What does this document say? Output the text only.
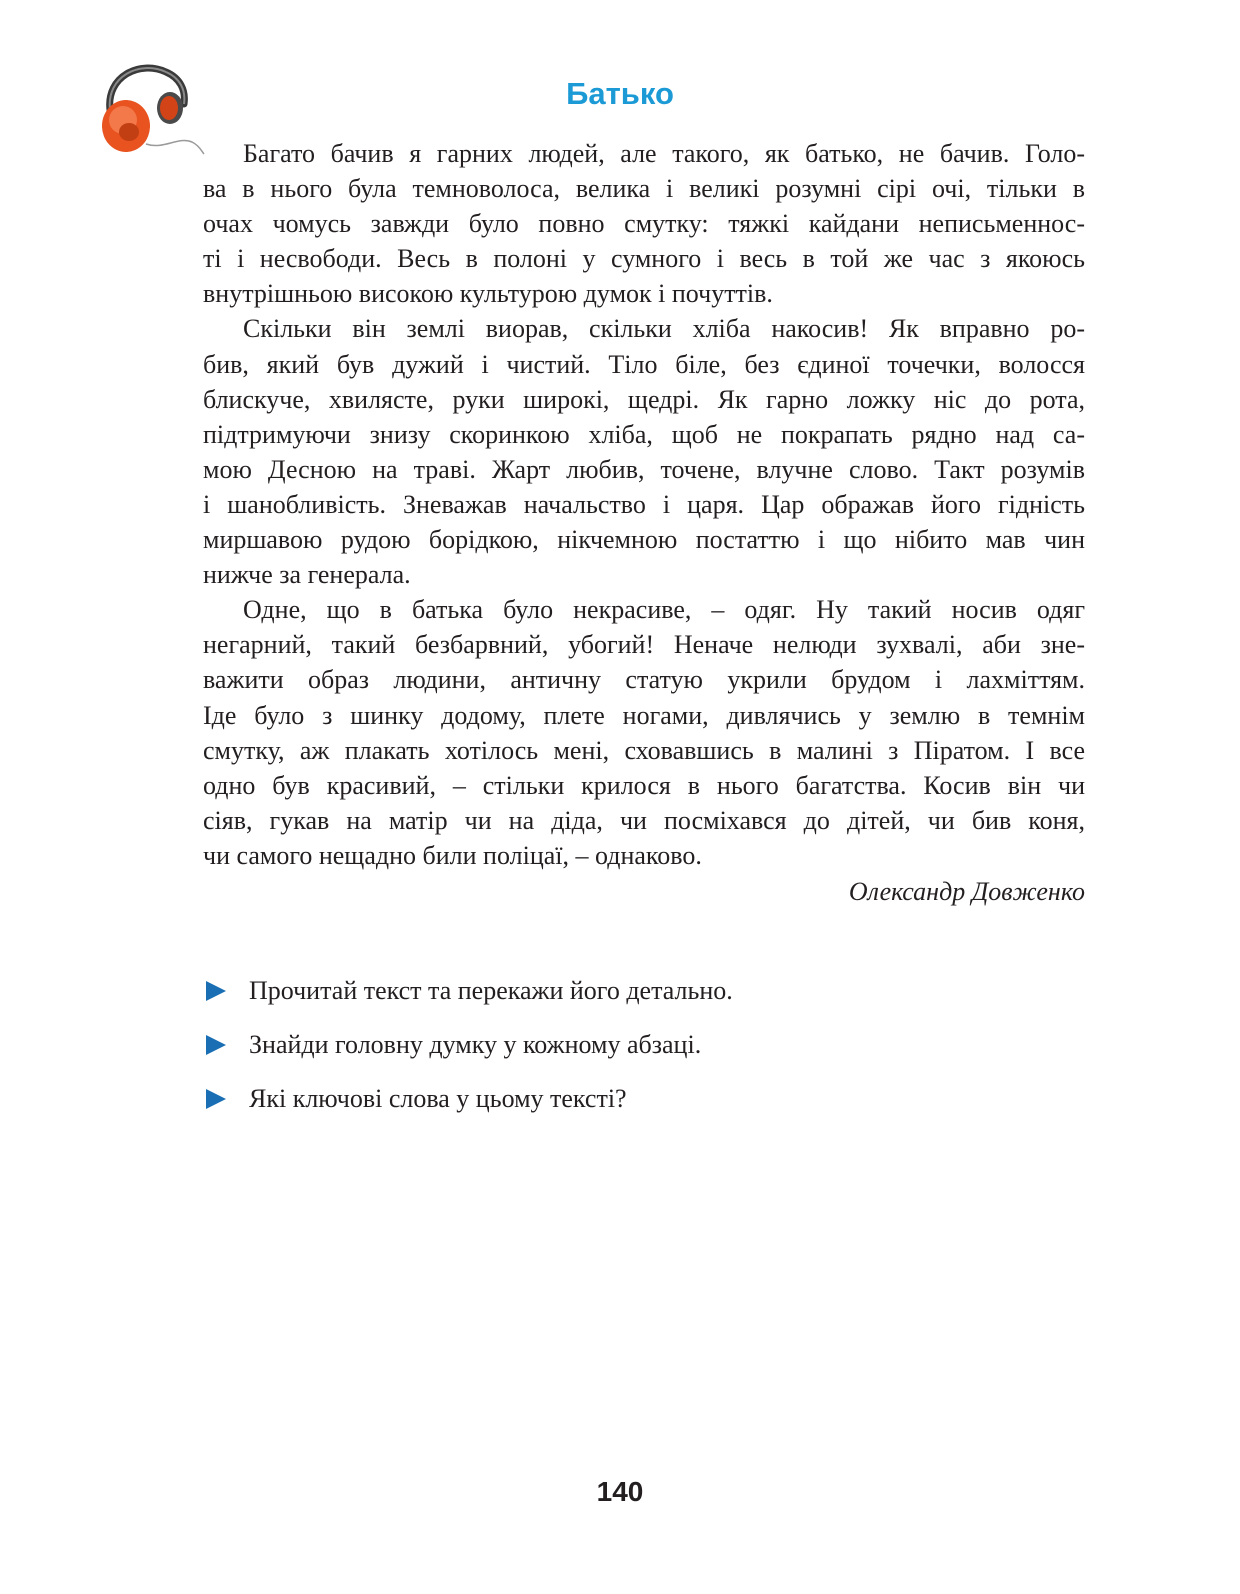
Батько

Багато бачив я гарних людей, але такого, як батько, не бачив. Голо-
ва в нього була темноволоса, велика і великі розумні сірі очі, тільки в
очах чомусь завжди було повно смутку: тяжкі кайдани неписьменнос-
ті і несвободи. Весь в полоні у сумного і весь в той же час з якоюсь
внутрішньою високою культурою думок і почуттів.

Скільки він землі виорав, скільки хліба накосив! Як вправно ро-
бив, який був дужий і чистий. Тіло біле, без єдиної точечки, волосся
блискуче, хвилясте, руки широкі, щедрі. Як гарно ложку ніс до рота,
підтримуючи знизу скоринкою хліба, щоб не покрапать рядно над са-
мою Десною на траві. Жарт любив, точене, влучне слово. Такт розумів
і шанобливість. Зневажав начальство і царя. Цар ображав його гідність
миршавою рудою борідкою, нікчемною постаттю і що нібито мав чин
нижче за генерала.

Одне, що в батька було некрасиве, – одяг. Ну такий носив одяг
негарний, такий безбарвний, убогий! Неначе нелюди зухвалі, аби зне-
важити образ людини, античну статую укрили брудом і лахміттям.
Іде було з шинку додому, плете ногами, дивлячись у землю в темнім
смутку, аж плакать хотілось мені, сховавшись в малині з Піратом. І все
одно був красивий, – стільки крилося в нього багатства. Косив він чи
сіяв, гукав на матір чи на діда, чи посміхався до дітей, чи бив коня,
чи самого нещадно били поліцаї, – однаково.

Олександр Довженко
Прочитай текст та перекажи його детально.
Знайди головну думку у кожному абзаці.
Які ключові слова у цьому тексті?
140
